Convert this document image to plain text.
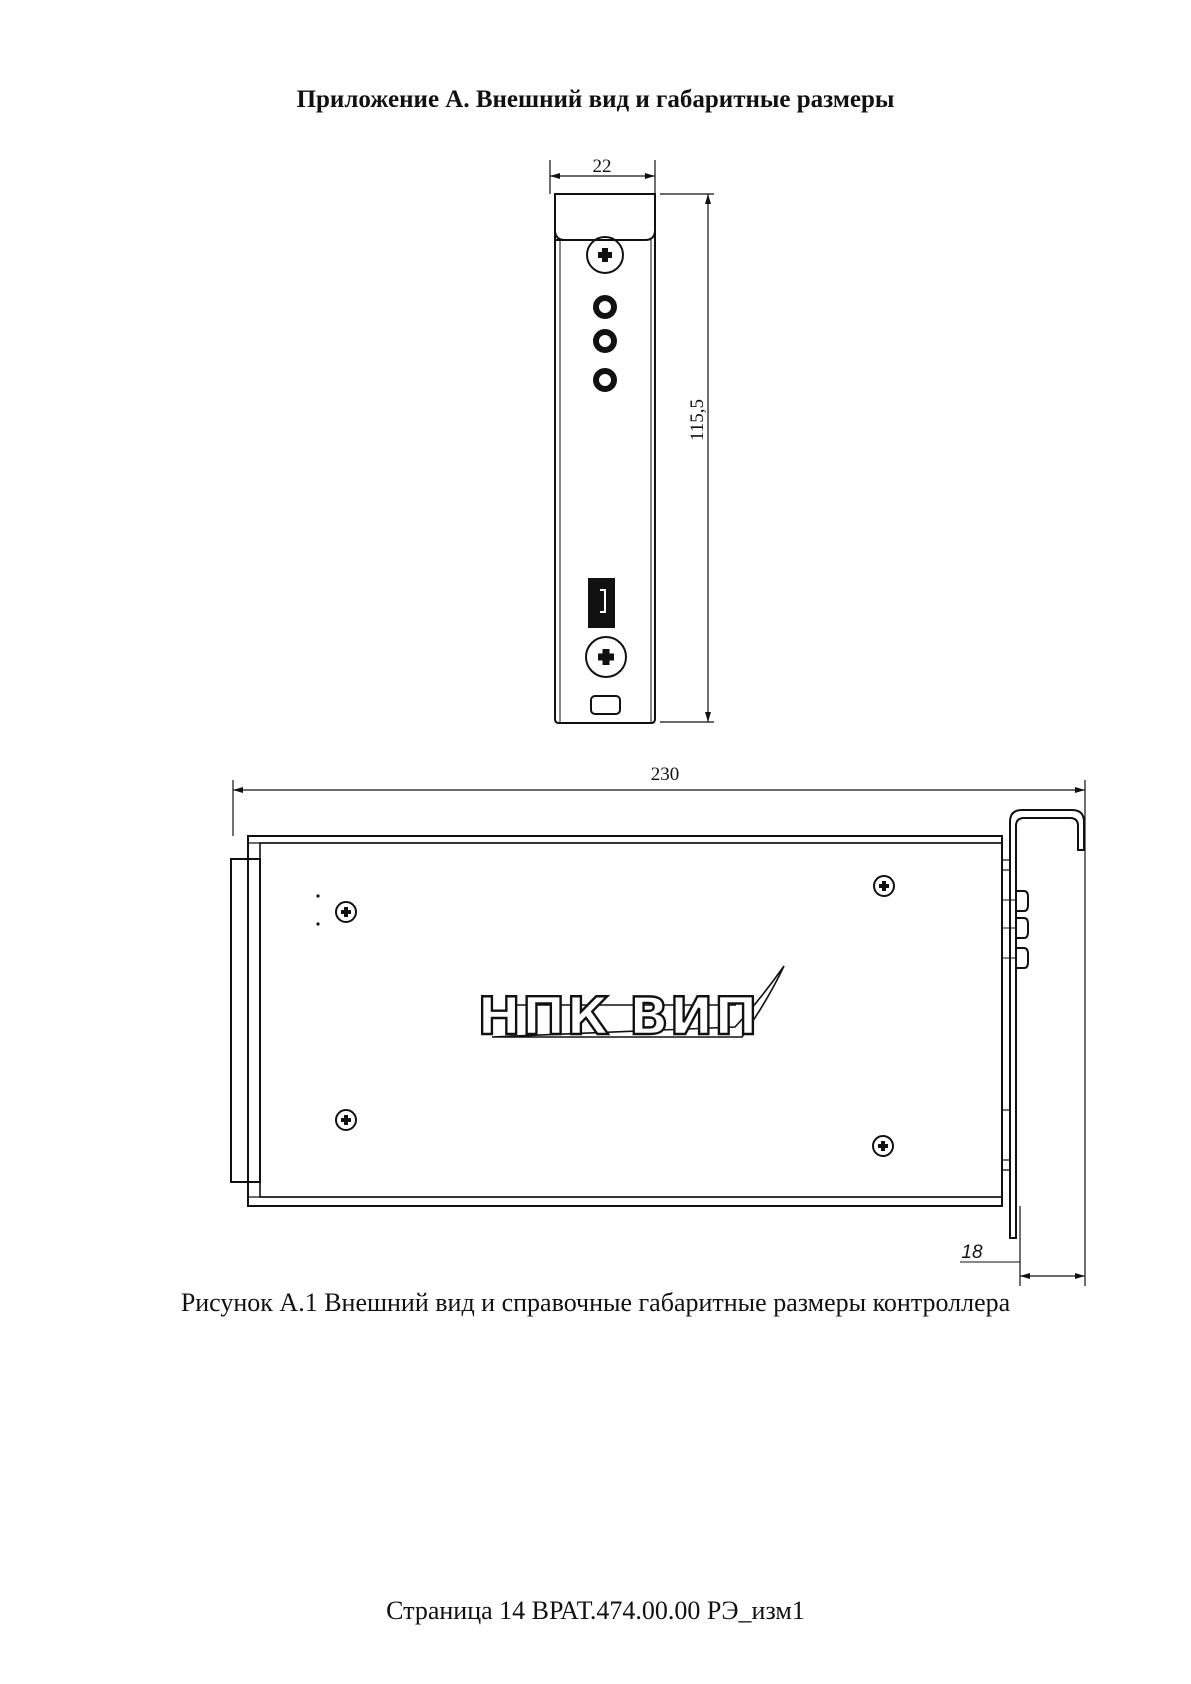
Приложение А. Внешний вид и габаритные размеры
22
115,5
НПК ВИП
230
18
Рисунок А.1 Внешний вид и справочные габаритные размеры контроллера
Страница 14 ВРАТ.474.00.00 РЭ_изм1
